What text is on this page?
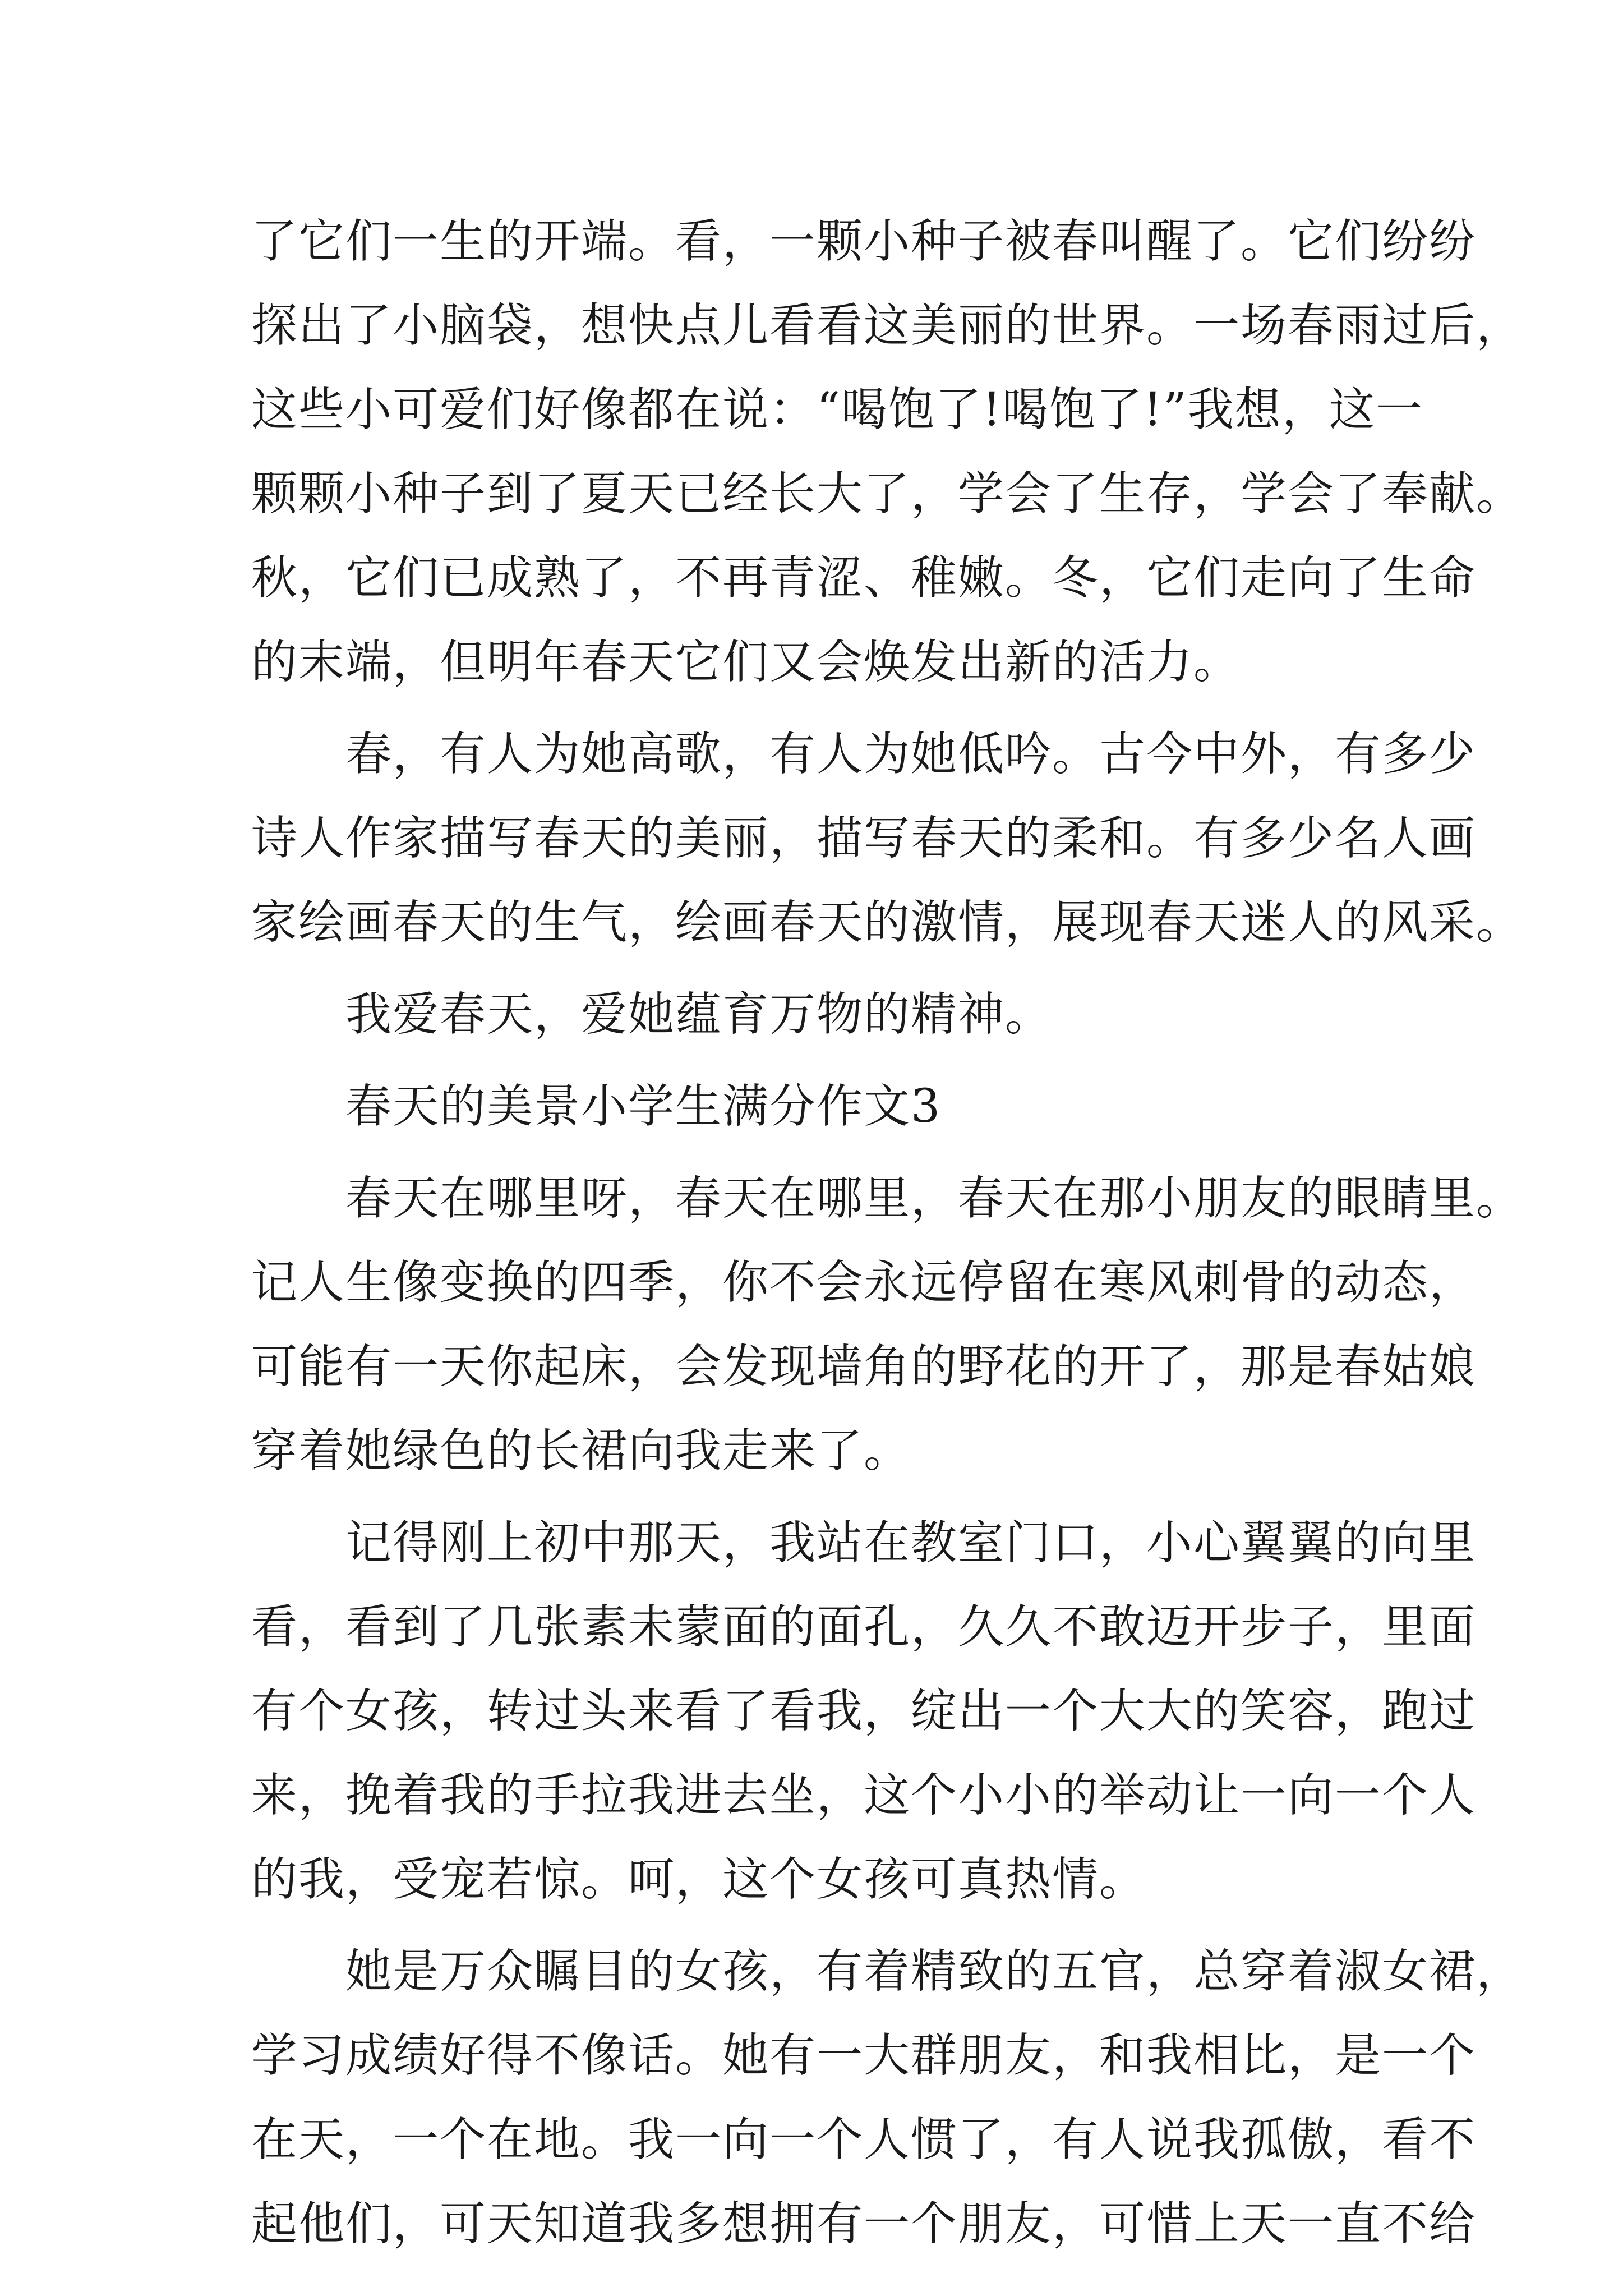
了它们一生的开端。看，一颗小种子被春叫醒了。它们纷纷
探出了小脑袋，想快点儿看看这美丽的世界。一场春雨过后，
这些小可爱们好像都在说：“喝饱了!喝饱了!”我想，这一
颗颗小种子到了夏天已经长大了，学会了生存，学会了奉献。
秋，它们已成熟了，不再青涩、稚嫩。冬，它们走向了生命
的末端，但明年春天它们又会焕发出新的活力。
春，有人为她高歌，有人为她低吟。古今中外，有多少
诗人作家描写春天的美丽，描写春天的柔和。有多少名人画
家绘画春天的生气，绘画春天的激情，展现春天迷人的风采。
我爱春天，爱她蕴育万物的精神。
春天的美景小学生满分作文3
春天在哪里呀，春天在哪里，春天在那小朋友的眼睛里。
记人生像变换的四季，你不会永远停留在寒风刺骨的动态，
可能有一天你起床，会发现墙角的野花的开了，那是春姑娘
穿着她绿色的长裙向我走来了。
记得刚上初中那天，我站在教室门口，小心翼翼的向里
看，看到了几张素未蒙面的面孔，久久不敢迈开步子，里面
有个女孩，转过头来看了看我，绽出一个大大的笑容，跑过
来，挽着我的手拉我进去坐，这个小小的举动让一向一个人
的我，受宠若惊。呵，这个女孩可真热情。
她是万众瞩目的女孩，有着精致的五官，总穿着淑女裙，
学习成绩好得不像话。她有一大群朋友，和我相比，是一个
在天，一个在地。我一向一个人惯了，有人说我孤傲，看不
起他们，可天知道我多想拥有一个朋友，可惜上天一直不给
